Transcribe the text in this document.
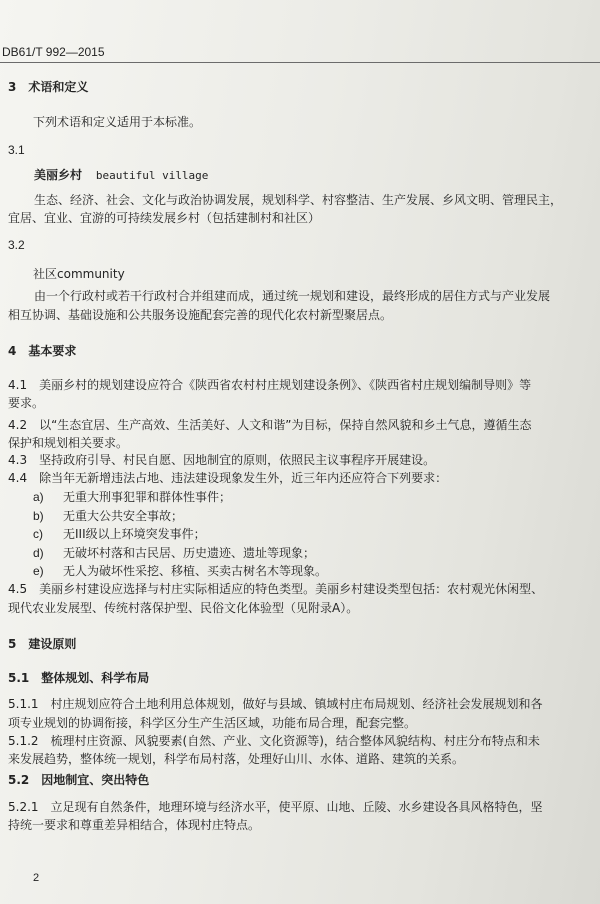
DB61/T 992—2015
3　术语和定义
下列术语和定义适用于本标准。
3.1
美丽乡村 beautiful village
生态、经济、社会、文化与政治协调发展，规划科学、村容整洁、生产发展、乡风文明、管理民主，
宜居、宜业、宜游的可持续发展乡村（包括建制村和社区）
3.2
社区community
由一个行政村或若干行政村合并组建而成，通过统一规划和建设，最终形成的居住方式与产业发展
相互协调、基础设施和公共服务设施配套完善的现代化农村新型聚居点。
4　基本要求
4.1　美丽乡村的规划建设应符合《陕西省农村村庄规划建设条例》、《陕西省村庄规划编制导则》等
要求。
4.2　以“生态宜居、生产高效、生活美好、人文和谐”为目标，保持自然风貌和乡土气息，遵循生态
保护和规划相关要求。
4.3　坚持政府引导、村民自愿、因地制宜的原则，依照民主议事程序开展建设。
4.4　除当年无新增违法占地、违法建设现象发生外，近三年内还应符合下列要求：
a) 无重大刑事犯罪和群体性事件；
b) 无重大公共安全事故；
c) 无III级以上环境突发事件；
d) 无破坏村落和古民居、历史遗迹、遗址等现象；
e) 无人为破坏性采挖、移植、买卖古树名木等现象。
4.5　美丽乡村建设应选择与村庄实际相适应的特色类型。美丽乡村建设类型包括：农村观光休闲型、
现代农业发展型、传统村落保护型、民俗文化体验型（见附录A）。
5　建设原则
5.1　整体规划、科学布局
5.1.1　村庄规划应符合土地利用总体规划，做好与县域、镇域村庄布局规划、经济社会发展规划和各
项专业规划的协调衔接，科学区分生产生活区域，功能布局合理，配套完整。
5.1.2　梳理村庄资源、风貌要素(自然、产业、文化资源等)，结合整体风貌结构、村庄分布特点和未
来发展趋势，整体统一规划，科学布局村落，处理好山川、水体、道路、建筑的关系。
5.2　因地制宜、突出特色
5.2.1　立足现有自然条件，地理环境与经济水平，使平原、山地、丘陵、水乡建设各具风格特色，坚
持统一要求和尊重差异相结合，体现村庄特点。
2
